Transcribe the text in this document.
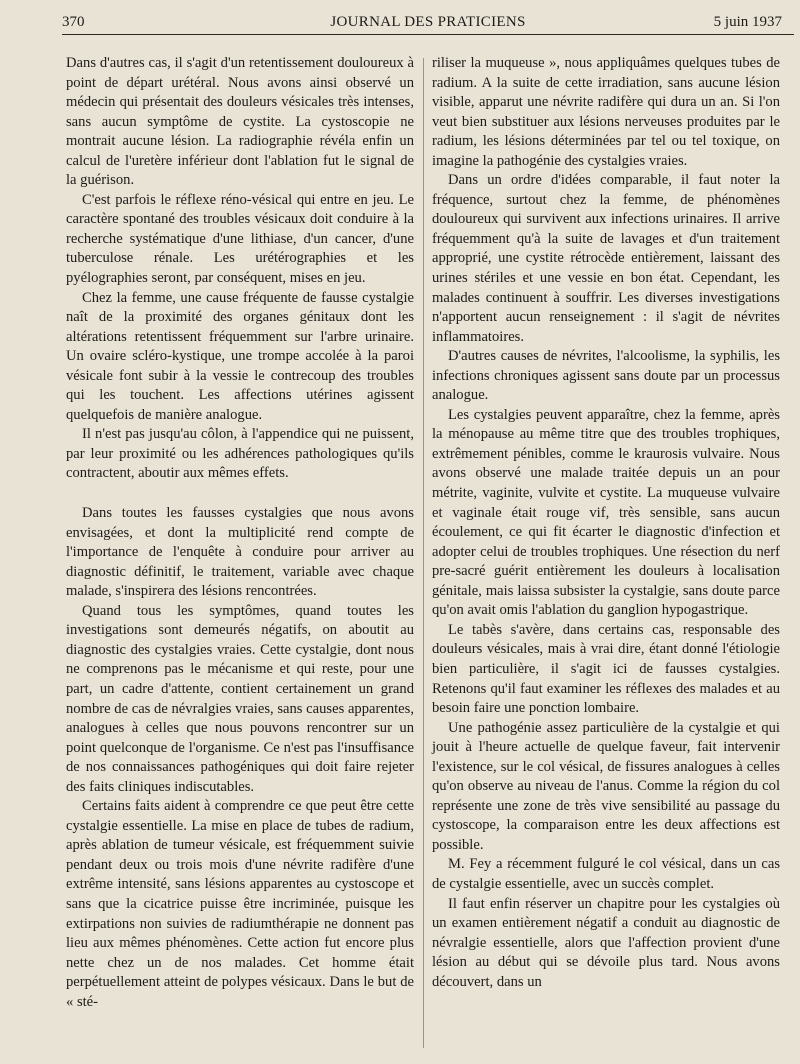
370	JOURNAL DES PRATICIENS	5 juin 1937

Dans d'autres cas, il s'agit d'un retentissement douloureux à point de départ urétéral. Nous avons ainsi observé un médecin qui présentait des douleurs vésicales très intenses, sans aucun symptôme de cystite. La cystoscopie ne montrait aucune lésion. La radiographie révéla enfin un calcul de l'uretère inférieur dont l'ablation fut le signal de la guérison.

C'est parfois le réflexe réno-vésical qui entre en jeu. Le caractère spontané des troubles vésicaux doit conduire à la recherche systématique d'une lithiase, d'un cancer, d'une tuberculose rénale. Les urétérographies et les pyélographies seront, par conséquent, mises en jeu.

Chez la femme, une cause fréquente de fausse cystalgie naît de la proximité des organes génitaux dont les altérations retentissent fréquemment sur l'arbre urinaire. Un ovaire scléro-kystique, une trompe accolée à la paroi vésicale font subir à la vessie le contrecoup des troubles qui les touchent. Les affections utérines agissent quelquefois de manière analogue.

Il n'est pas jusqu'au côlon, à l'appendice qui ne puissent, par leur proximité ou les adhérences pathologiques qu'ils contractent, aboutir aux mêmes effets.

Dans toutes les fausses cystalgies que nous avons envisagées, et dont la multiplicité rend compte de l'importance de l'enquête à conduire pour arriver au diagnostic définitif, le traitement, variable avec chaque malade, s'inspirera des lésions rencontrées.

Quand tous les symptômes, quand toutes les investigations sont demeurés négatifs, on aboutit au diagnostic des cystalgies vraies. Cette cystalgie, dont nous ne comprenons pas le mécanisme et qui reste, pour une part, un cadre d'attente, contient certainement un grand nombre de cas de névralgies vraies, sans causes apparentes, analogues à celles que nous pouvons rencontrer sur un point quelconque de l'organisme. Ce n'est pas l'insuffisance de nos connaissances pathogéniques qui doit faire rejeter des faits cliniques indiscutables.

Certains faits aident à comprendre ce que peut être cette cystalgie essentielle. La mise en place de tubes de radium, après ablation de tumeur vésicale, est fréquemment suivie pendant deux ou trois mois d'une névrite radifère d'une extrême intensité, sans lésions apparentes au cystoscope et sans que la cicatrice puisse être incriminée, puisque les extirpations non suivies de radiumthérapie ne donnent pas lieu aux mêmes phénomènes. Cette action fut encore plus nette chez un de nos malades. Cet homme était perpétuellement atteint de polypes vésicaux. Dans le but de « sté-

riliser la muqueuse », nous appliquâmes quelques tubes de radium. A la suite de cette irradiation, sans aucune lésion visible, apparut une névrite radifère qui dura un an. Si l'on veut bien substituer aux lésions nerveuses produites par le radium, les lésions déterminées par tel ou tel toxique, on imagine la pathogénie des cystalgies vraies.

Dans un ordre d'idées comparable, il faut noter la fréquence, surtout chez la femme, de phénomènes douloureux qui survivent aux infections urinaires. Il arrive fréquemment qu'à la suite de lavages et d'un traitement approprié, une cystite rétrocède entièrement, laissant des urines stériles et une vessie en bon état. Cependant, les malades continuent à souffrir. Les diverses investigations n'apportent aucun renseignement : il s'agit de névrites inflammatoires.

D'autres causes de névrites, l'alcoolisme, la syphilis, les infections chroniques agissent sans doute par un processus analogue.

Les cystalgies peuvent apparaître, chez la femme, après la ménopause au même titre que des troubles trophiques, extrêmement pénibles, comme le kraurosis vulvaire. Nous avons observé une malade traitée depuis un an pour métrite, vaginite, vulvite et cystite. La muqueuse vulvaire et vaginale était rouge vif, très sensible, sans aucun écoulement, ce qui fit écarter le diagnostic d'infection et adopter celui de troubles trophiques. Une résection du nerf pre-sacré guérit entièrement les douleurs à localisation génitale, mais laissa subsister la cystalgie, sans doute parce qu'on avait omis l'ablation du ganglion hypogastrique.

Le tabès s'avère, dans certains cas, responsable des douleurs vésicales, mais à vrai dire, étant donné l'étiologie bien particulière, il s'agit ici de fausses cystalgies. Retenons qu'il faut examiner les réflexes des malades et au besoin faire une ponction lombaire.

Une pathogénie assez particulière de la cystalgie et qui jouit à l'heure actuelle de quelque faveur, fait intervenir l'existence, sur le col vésical, de fissures analogues à celles qu'on observe au niveau de l'anus. Comme la région du col représente une zone de très vive sensibilité au passage du cystoscope, la comparaison entre les deux affections est possible.

M. Fey a récemment fulguré le col vésical, dans un cas de cystalgie essentielle, avec un succès complet.

Il faut enfin réserver un chapitre pour les cystalgies où un examen entièrement négatif a conduit au diagnostic de névralgie essentielle, alors que l'affection provient d'une lésion au début qui se dévoile plus tard. Nous avons découvert, dans un
